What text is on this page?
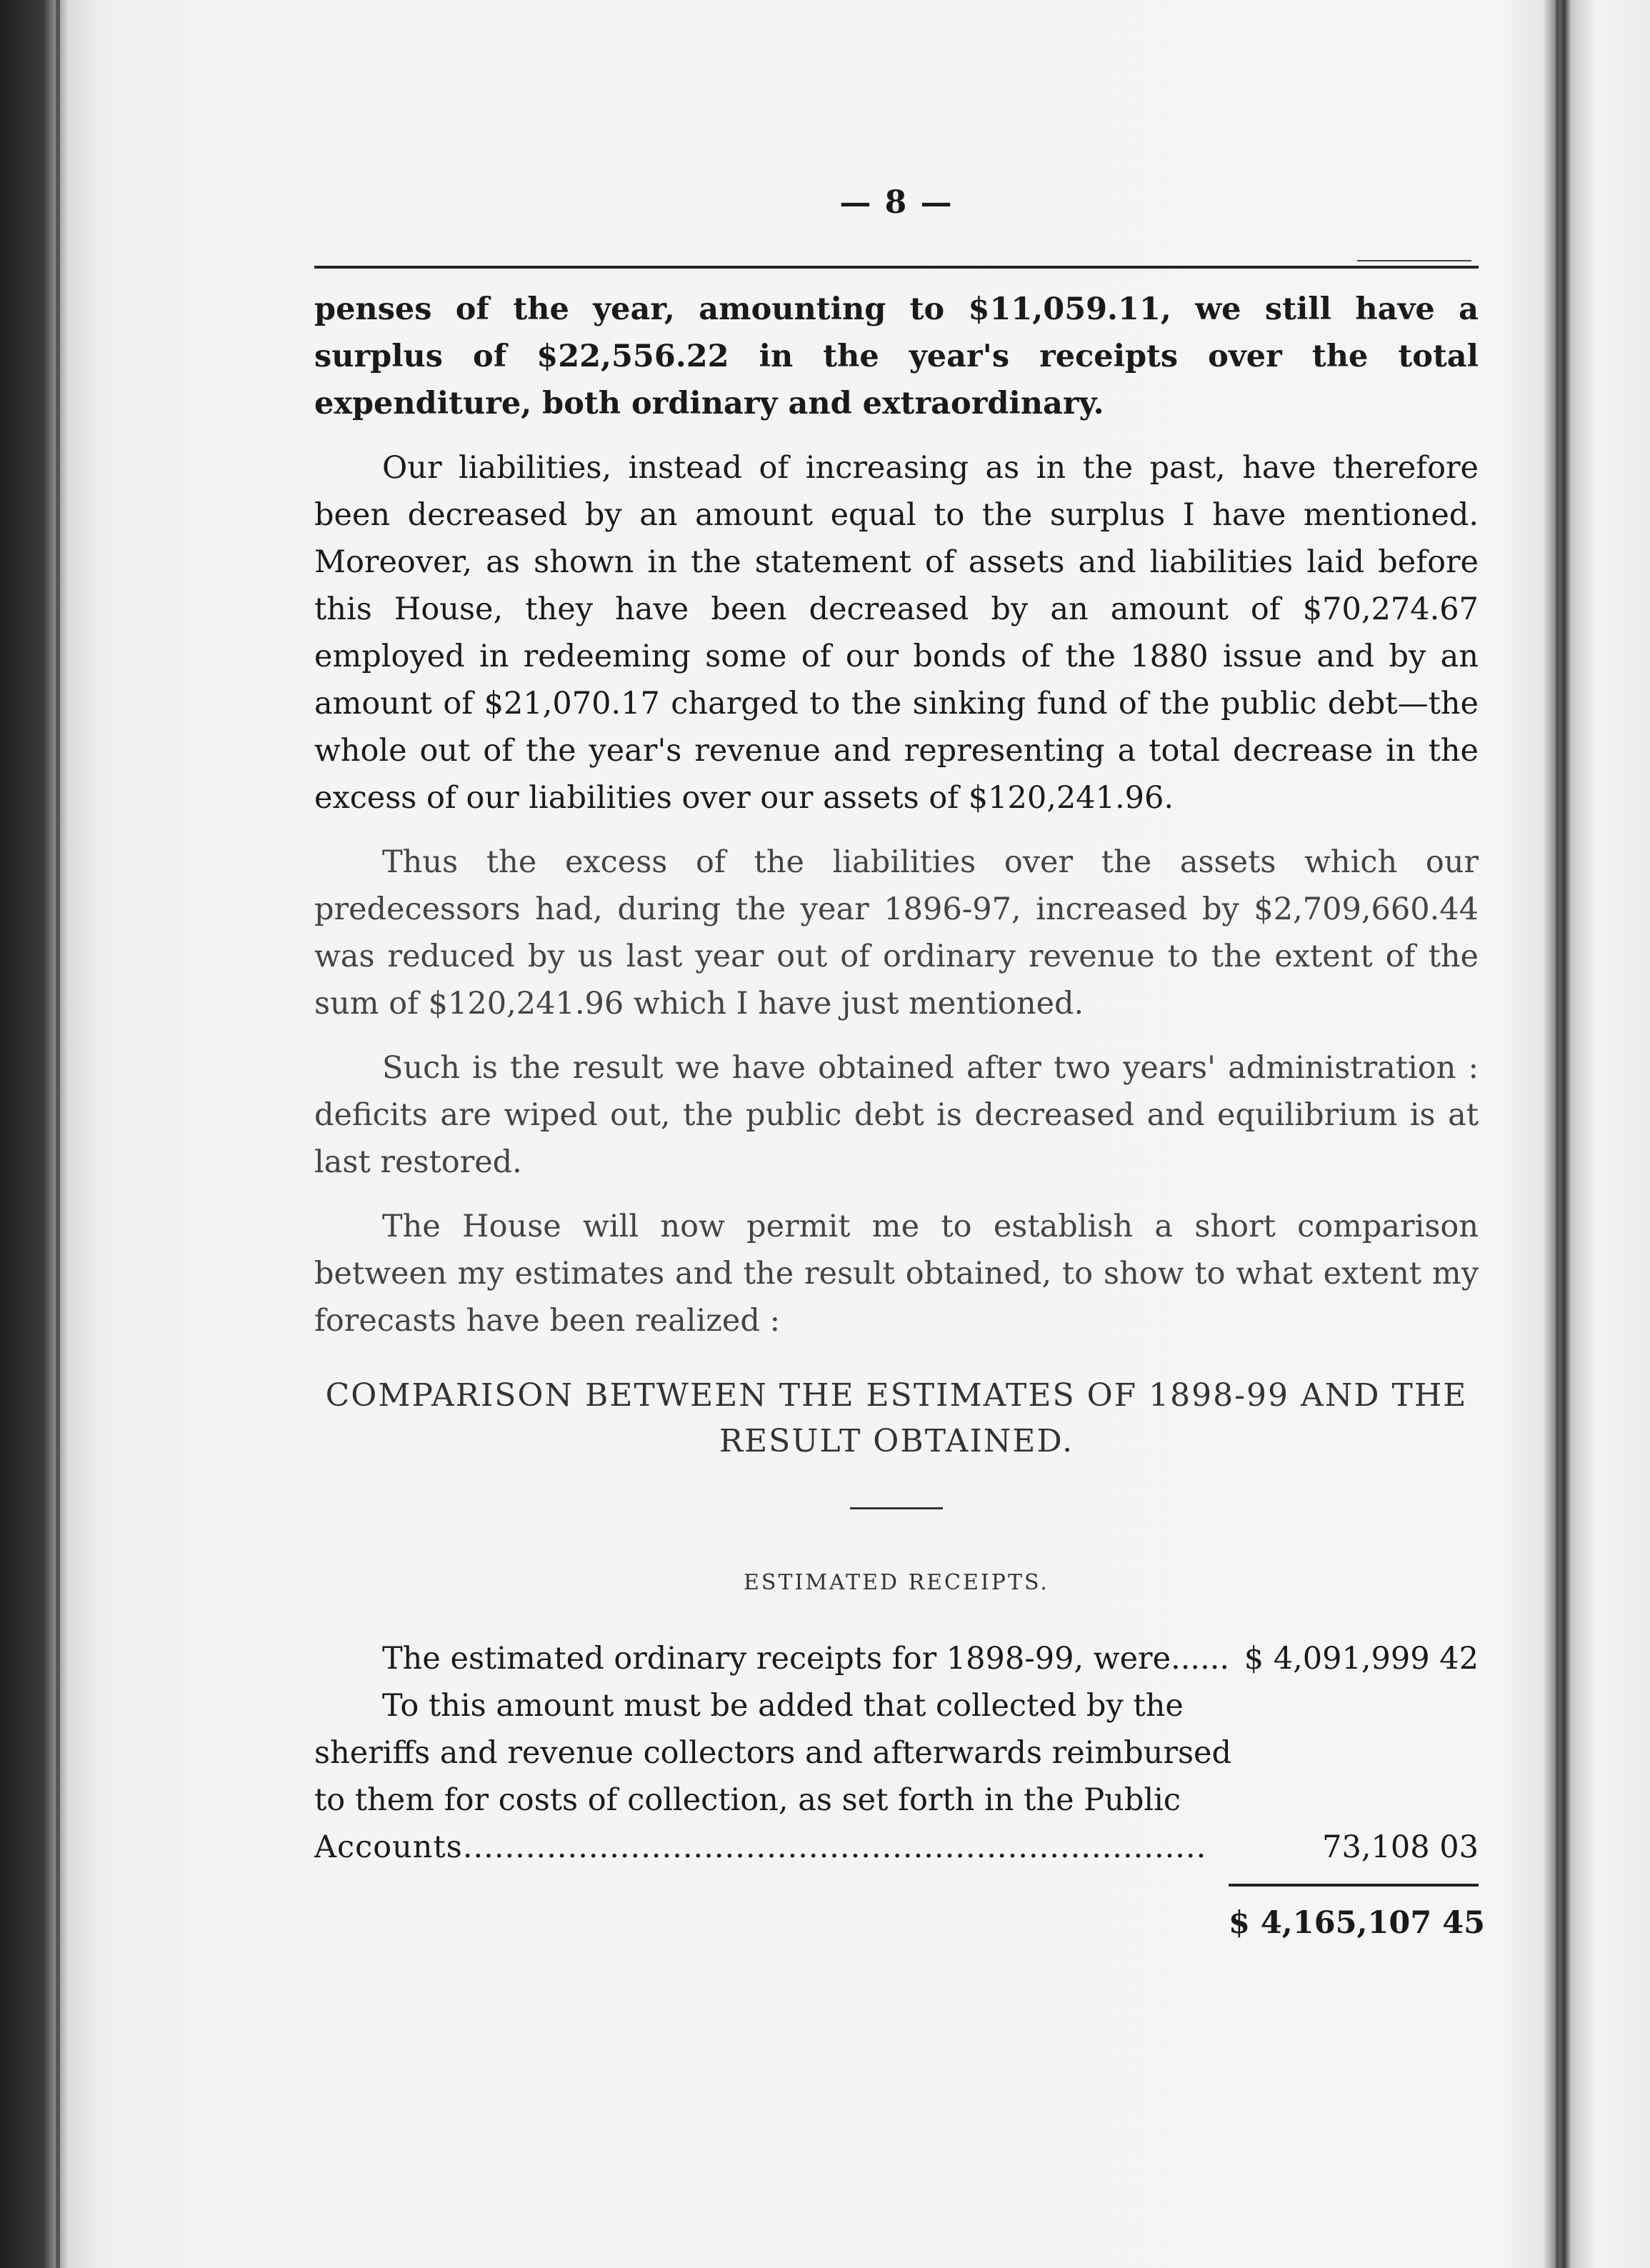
— 8 —

penses of the year, amounting to $11,059.11, we still have a surplus of $22,556.22 in the year's receipts over the total expenditure, both ordinary and extraordinary.

Our liabilities, instead of increasing as in the past, have therefore been decreased by an amount equal to the surplus I have mentioned. Moreover, as shown in the statement of assets and liabilities laid before this House, they have been decreased by an amount of $70,274.67 employed in redeeming some of our bonds of the 1880 issue and by an amount of $21,070.17 charged to the sinking fund of the public debt—the whole out of the year's revenue and representing a total decrease in the excess of our liabilities over our assets of $120,241.96.

Thus the excess of the liabilities over the assets which our predecessors had, during the year 1896-97, increased by $2,709,660.44 was reduced by us last year out of ordinary revenue to the extent of the sum of $120,241.96 which I have just mentioned.

Such is the result we have obtained after two years' administration : deficits are wiped out, the public debt is decreased and equilibrium is at last restored.

The House will now permit me to establish a short comparison between my estimates and the result obtained, to show to what extent my forecasts have been realized :

COMPARISON BETWEEN THE ESTIMATES OF 1898-99 AND THE
RESULT OBTAINED.
ESTIMATED RECEIPTS.
The estimated ordinary receipts for 1898-99, were...... $ 4,091,999 42
To this amount must be added that collected by the
sheriffs and revenue collectors and afterwards reimbursed
to them for costs of collection, as set forth in the Public
Accounts.......................................................................	73,108 03
$ 4,165,107 45
